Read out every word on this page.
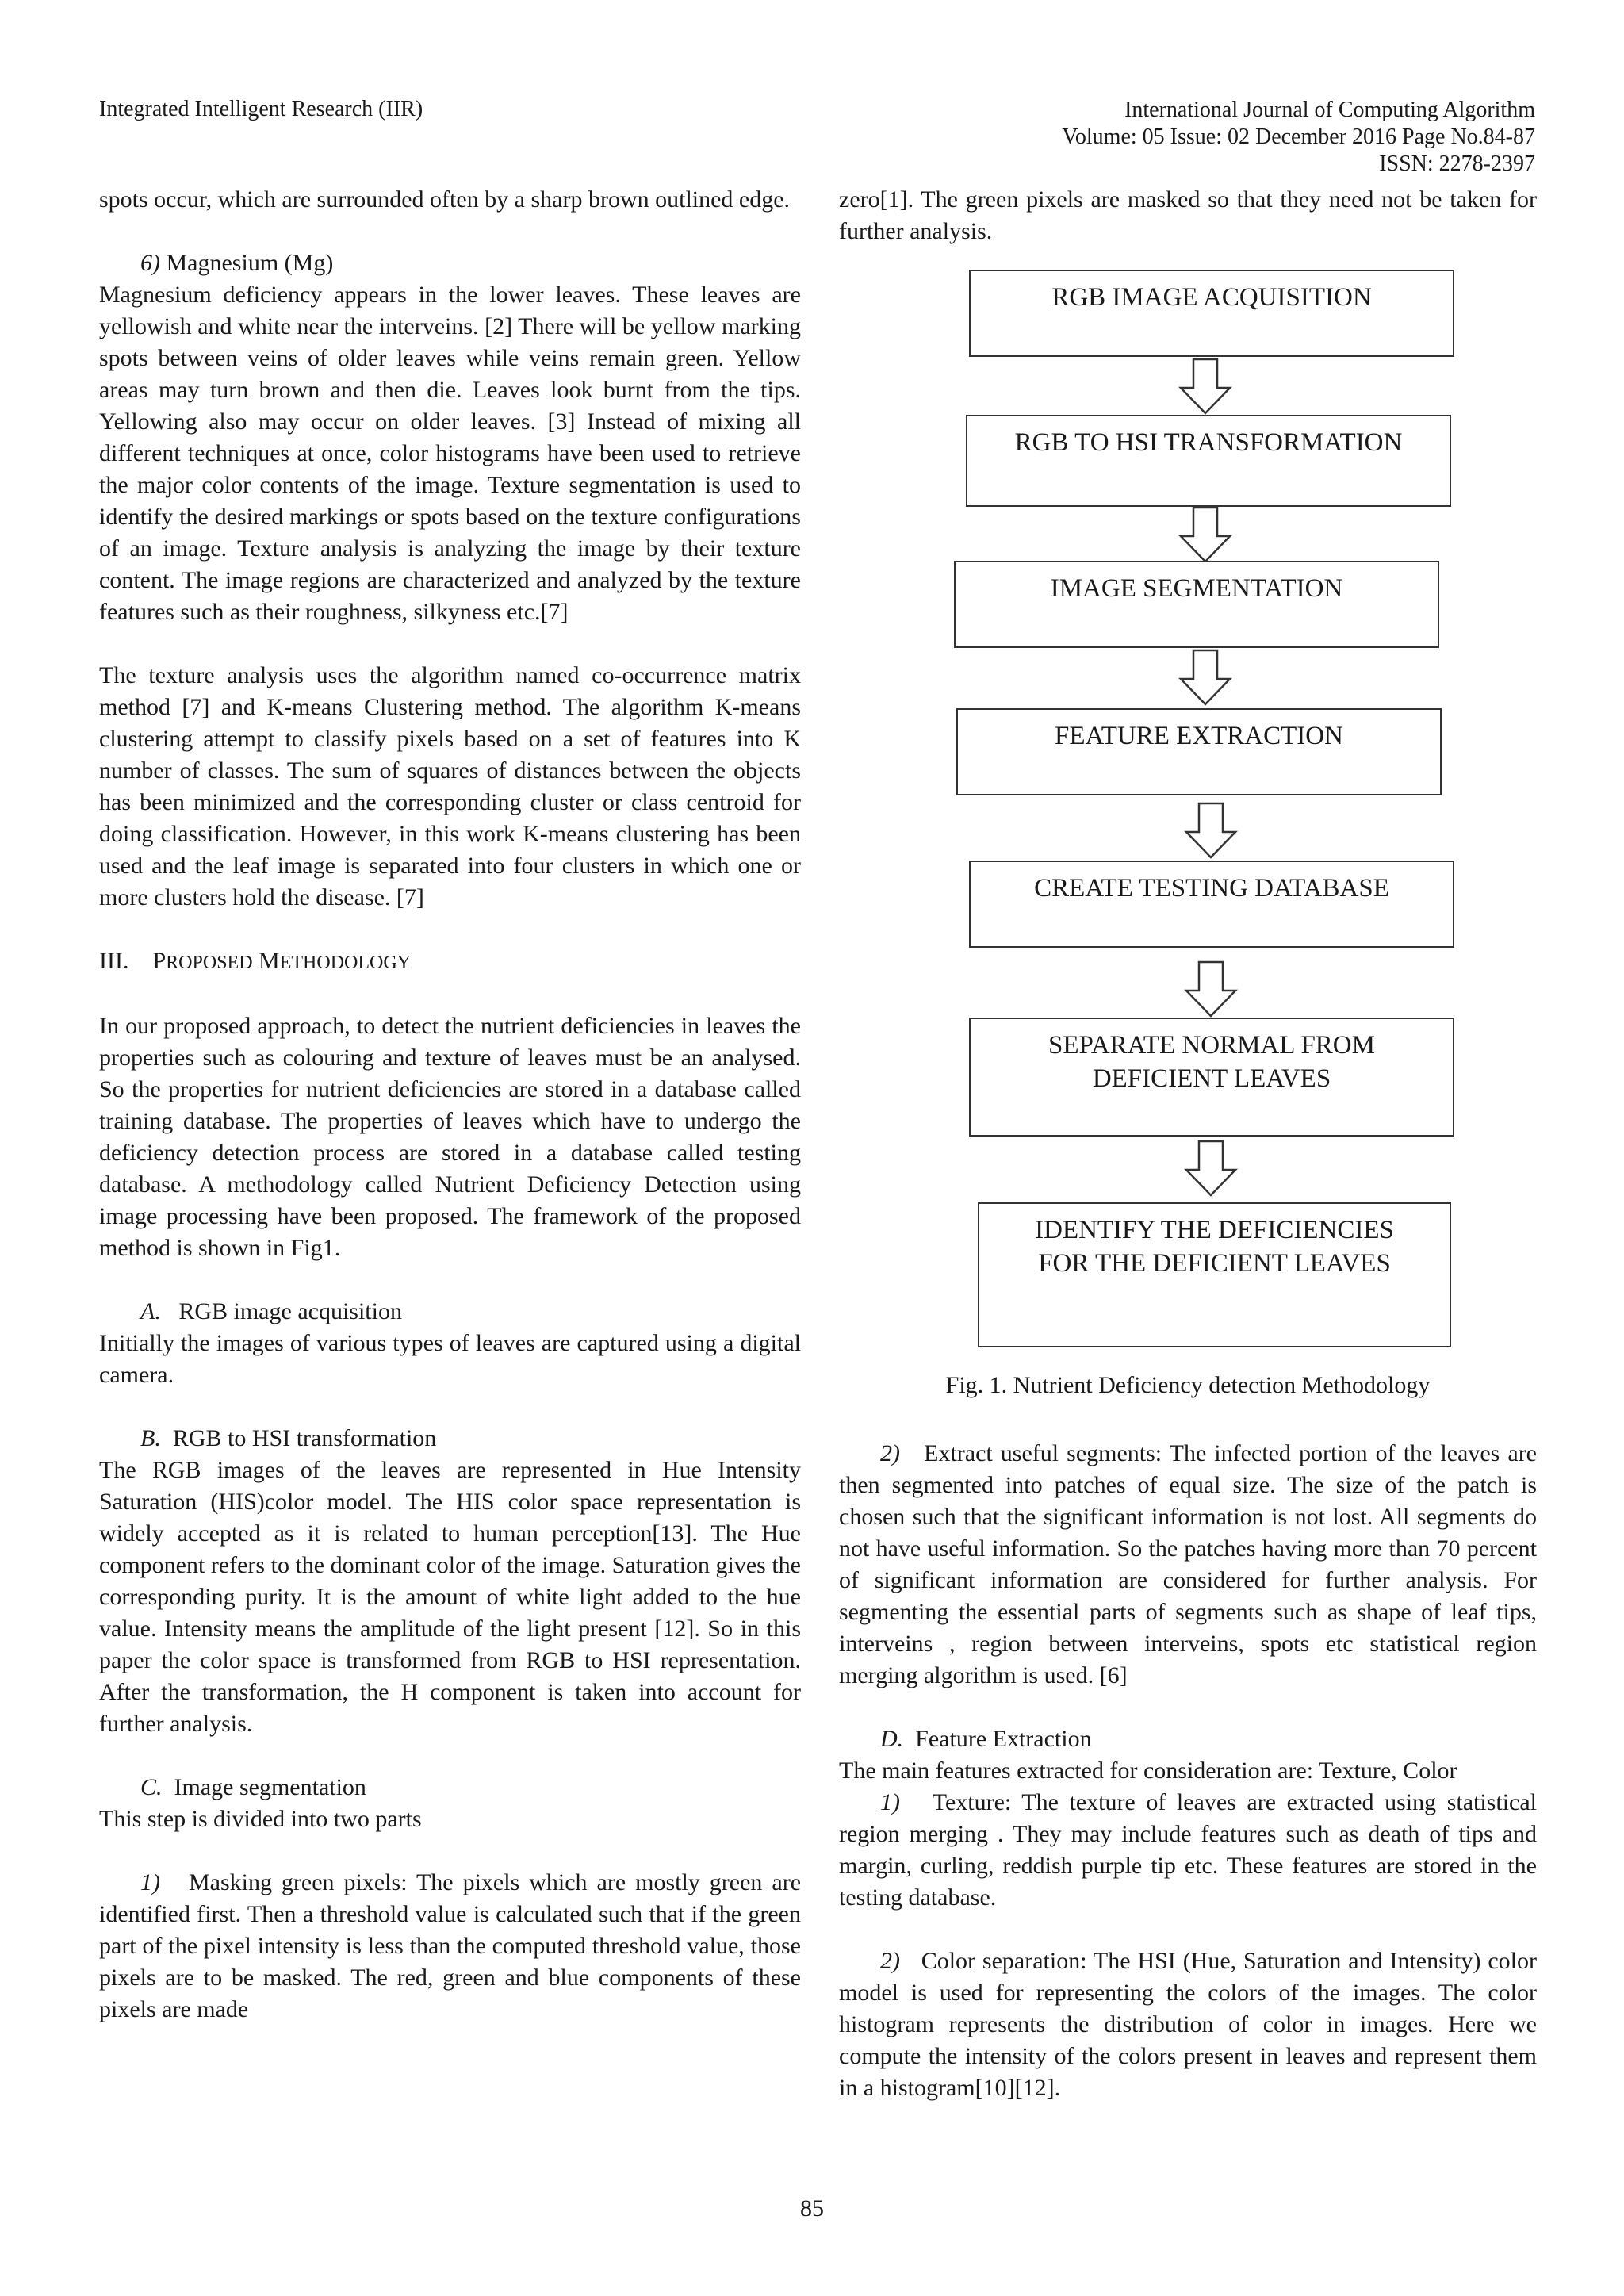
Integrated Intelligent Research (IIR)	International Journal of Computing Algorithm
Volume: 05 Issue: 02 December 2016 Page No.84-87
ISSN: 2278-2397

spots occur, which are surrounded often by a sharp brown outlined edge.

6) Magnesium (Mg)

Magnesium deficiency appears in the lower leaves. These leaves are yellowish and white near the interveins. [2] There will be yellow marking spots between veins of older leaves while veins remain green. Yellow areas may turn brown and then die. Leaves look burnt from the tips. Yellowing also may occur on older leaves. [3] Instead of mixing all different techniques at once, color histograms have been used to retrieve the major color contents of the image. Texture segmentation is used to identify the desired markings or spots based on the texture configurations of an image. Texture analysis is analyzing the image by their texture content. The image regions are characterized and analyzed by the texture features such as their roughness, silkyness etc.[7]

The texture analysis uses the algorithm named co-occurrence matrix method [7] and K-means Clustering method. The algorithm K-means clustering attempt to classify pixels based on a set of features into K number of classes. The sum of squares of distances between the objects has been minimized and the corresponding cluster or class centroid for doing classification. However, in this work K-means clustering has been used and the leaf image is separated into four clusters in which one or more clusters hold the disease. [7]

III. PROPOSED METHODOLOGY

In our proposed approach, to detect the nutrient deficiencies in leaves the properties such as colouring and texture of leaves must be an analysed. So the properties for nutrient deficiencies are stored in a database called training database. The properties of leaves which have to undergo the deficiency detection process are stored in a database called testing database. A methodology called Nutrient Deficiency Detection using image processing have been proposed. The framework of the proposed method is shown in Fig1.

A. RGB image acquisition

Initially the images of various types of leaves are captured using a digital camera.

B. RGB to HSI transformation

The RGB images of the leaves are represented in Hue Intensity Saturation (HIS)color model. The HIS color space representation is widely accepted as it is related to human perception[13]. The Hue component refers to the dominant color of the image. Saturation gives the corresponding purity. It is the amount of white light added to the hue value. Intensity means the amplitude of the light present [12]. So in this paper the color space is transformed from RGB to HSI representation. After the transformation, the H component is taken into account for further analysis.

C. Image segmentation

This step is divided into two parts

1) Masking green pixels: The pixels which are mostly green are identified first. Then a threshold value is calculated such that if the green part of the pixel intensity is less than the computed threshold value, those pixels are to be masked. The red, green and blue components of these pixels are made

zero[1]. The green pixels are masked so that they need not be taken for further analysis.

RGB IMAGE ACQUISITION
RGB TO HSI TRANSFORMATION
IMAGE SEGMENTATION
FEATURE EXTRACTION
CREATE TESTING DATABASE
SEPARATE NORMAL FROM
DEFICIENT LEAVES
IDENTIFY THE DEFICIENCIES
FOR THE DEFICIENT LEAVES
Fig. 1. Nutrient Deficiency detection Methodology

2) Extract useful segments: The infected portion of the leaves are then segmented into patches of equal size. The size of the patch is chosen such that the significant information is not lost. All segments do not have useful information. So the patches having more than 70 percent of significant information are considered for further analysis. For segmenting the essential parts of segments such as shape of leaf tips, interveins , region between interveins, spots etc statistical region merging algorithm is used. [6]

D. Feature Extraction

The main features extracted for consideration are: Texture, Color

1) Texture: The texture of leaves are extracted using statistical region merging . They may include features such as death of tips and margin, curling, reddish purple tip etc. These features are stored in the testing database.

2) Color separation: The HSI (Hue, Saturation and Intensity) color model is used for representing the colors of the images. The color histogram represents the distribution of color in images. Here we compute the intensity of the colors present in leaves and represent them in a histogram[10][12].

85
